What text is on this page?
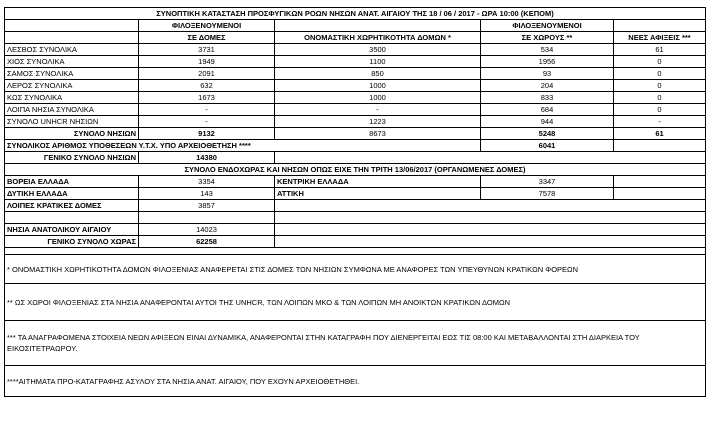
ΣΥΝΟΠΤΙΚΗ ΚΑΤΑΣΤΑΣΗ ΠΡΟΣΦΥΓΙΚΩΝ ΡΟΩΝ ΝΗΣΩΝ ΑΝΑΤ. ΑΙΓΑΙΟΥ ΤΗΣ 18 / 06 / 2017 - ΩΡΑ 10:00 (ΚΕΠΟΜ)				
	ΦΙΛΟΞΕΝΟΥΜΕΝΟΙ		ΦΙΛΟΞΕΝΟΥΜΕΝΟΙ	
	ΣΕ ΔΟΜΕΣ	ΟΝΟΜΑΣΤΙΚΗ ΧΩΡΗΤΙΚΟΤΗΤΑ ΔΟΜΩΝ *	ΣΕ ΧΩΡΟΥΣ **	ΝΕΕΣ ΑΦΙΞΕΙΣ ***
ΛΕΣΒΟΣ ΣΥΝΟΛΙΚΑ	3731	3500	534	61
ΧΙΟΣ ΣΥΝΟΛΙΚΑ	1949	1100	1956	0
ΣΑΜΟΣ ΣΥΝΟΛΙΚΑ	2091	850	93	0
ΛΕΡΟΣ ΣΥΝΟΛΙΚΑ	632	1000	204	0
ΚΩΣ ΣΥΝΟΛΙΚΑ	1673	1000	833	0
ΛΟΙΠΑ ΝΗΣΙΑ ΣΥΝΟΛΙΚΑ	-	-	684	0
ΣΥΝΟΛΟ UNHCR ΝΗΣΙΩΝ	-	1223	944	-
ΣΥΝΟΛΟ ΝΗΣΙΩΝ	9132	8673	5248	61
ΣΥΝΟΛΙΚΟΣ ΑΡΙΘΜΟΣ ΥΠΟΘΕΣΕΩΝ Υ.Τ.Χ. ΥΠΟ ΑΡΧΕΙΟΘΕΤΗΣΗ ****			6041	
ΓΕΝΙΚΟ ΣΥΝΟΛΟ ΝΗΣΙΩΝ	14380			
ΣΥΝΟΛΟ ΕΝΔΟΧΩΡΑΣ ΚΑΙ ΝΗΣΩΝ ΟΠΩΣ ΕΙΧΕ ΤΗΝ ΤΡΙΤΗ 13/06/2017 (ΟΡΓΑΝΩΜΕΝΕΣ ΔΟΜΕΣ)				
ΒΟΡΕΙΑ ΕΛΛΑΔΑ	3354	ΚΕΝΤΡΙΚΗ ΕΛΛΑΔΑ	3347	
ΔΥΤΙΚΗ ΕΛΛΑΔΑ	143	ΑΤΤΙΚΗ	7578	
ΛΟΙΠΕΣ ΚΡΑΤΙΚΕΣ ΔΟΜΕΣ	3857			

ΝΗΣΙΑ ΑΝΑΤΟΛΙΚΟΥ ΑΙΓΑΙΟΥ	14023			
ΓΕΝΙΚΟ ΣΥΝΟΛΟ ΧΩΡΑΣ	62258			

* ΟΝΟΜΑΣΤΙΚΗ ΧΩΡΗΤΙΚΟΤΗΤΑ ΔΟΜΩΝ ΦΙΛΟΞΕΝΙΑΣ ΑΝΑΦΕΡΕΤΑΙ ΣΤΙΣ ΔΟΜΕΣ ΤΩΝ ΝΗΣΙΩΝ ΣΥΜΦΩΝΑ ΜΕ ΑΝΑΦΟΡΕΣ ΤΩΝ ΥΠΕΥΘΥΝΩΝ ΚΡΑΤΙΚΩΝ ΦΟΡΕΩΝ				
** ΩΣ ΧΩΡΟΙ ΦΙΛΟΞΕΝΙΑΣ ΣΤΑ ΝΗΣΙΑ ΑΝΑΦΕΡΟΝΤΑΙ ΑΥΤΟΙ ΤΗΣ UNHCR, ΤΩΝ ΛΟΙΠΩΝ ΜΚΟ & ΤΩΝ ΛΟΙΠΩΝ ΜΗ ΑΝΟΙΚΤΩΝ ΚΡΑΤΙΚΩΝ ΔΟΜΩΝ				
*** ΤΑ ΑΝΑΓΡΑΦΟΜΕΝΑ ΣΤΟΙΧΕΙΑ ΝΕΩΝ ΑΦΙΞΕΩΝ ΕΙΝΑΙ ΔΥΝΑΜΙΚΑ, ΑΝΑΦΕΡΟΝΤΑΙ ΣΤΗΝ ΚΑΤΑΓΡΑΦΗ ΠΟΥ ΔΙΕΝΕΡΓΕΙΤΑΙ ΕΩΣ ΤΙΣ 08:00 ΚΑΙ ΜΕΤΑΒΑΛΛΟΝΤΑΙ ΣΤΗ ΔΙΑΡΚΕΙΑ ΤΟΥ ΕΙΚΟΣΙΤΕΤΡΑΩΡΟΥ.				
****ΑΙΤΗΜΑΤΑ ΠΡΟ-ΚΑΤΑΓΡΑΦΗΣ ΑΣΥΛΟΥ ΣΤΑ ΝΗΣΙΑ ΑΝΑΤ. ΑΙΓΑΙΟΥ, ΠΟΥ ΕΧΟΥΝ ΑΡΧΕΙΟΘΕΤΗΘΕΙ.				
